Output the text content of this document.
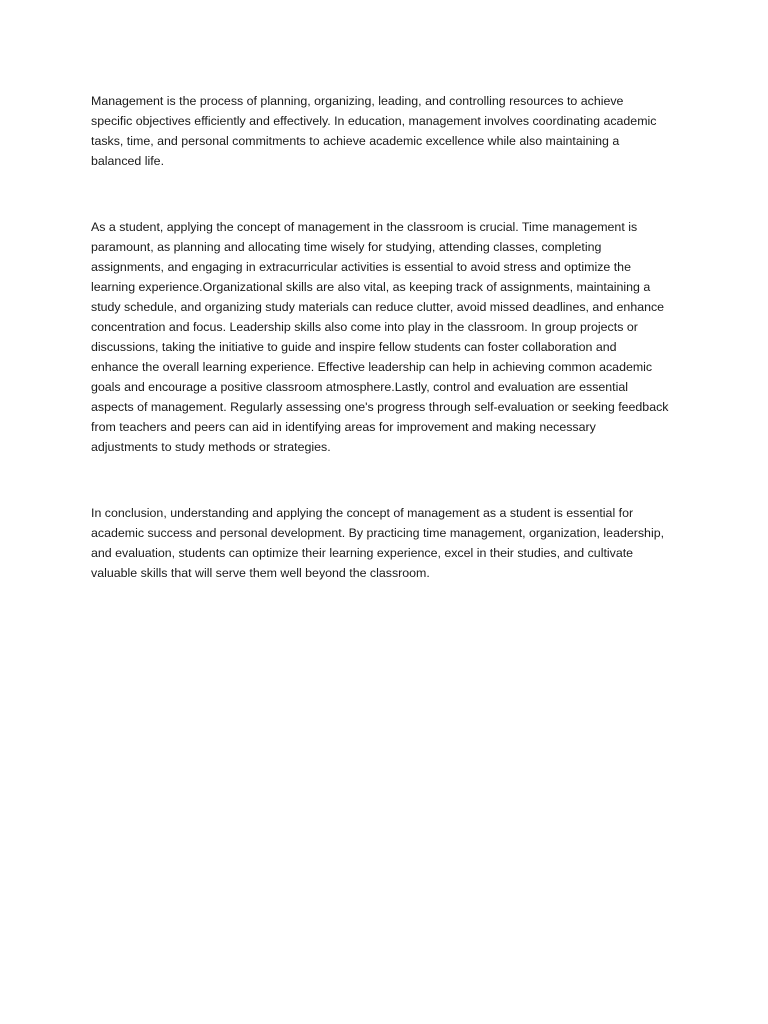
Management is the process of planning, organizing, leading, and controlling resources to achieve
specific objectives efficiently and effectively. In education, management involves coordinating academic
tasks, time, and personal commitments to achieve academic excellence while also maintaining a
balanced life.
As a student, applying the concept of management in the classroom is crucial. Time management is
paramount, as planning and allocating time wisely for studying, attending classes, completing
assignments, and engaging in extracurricular activities is essential to avoid stress and optimize the
learning experience.Organizational skills are also vital, as keeping track of assignments, maintaining a
study schedule, and organizing study materials can reduce clutter, avoid missed deadlines, and enhance
concentration and focus. Leadership skills also come into play in the classroom. In group projects or
discussions, taking the initiative to guide and inspire fellow students can foster collaboration and
enhance the overall learning experience. Effective leadership can help in achieving common academic
goals and encourage a positive classroom atmosphere.Lastly, control and evaluation are essential
aspects of management. Regularly assessing one's progress through self-evaluation or seeking feedback
from teachers and peers can aid in identifying areas for improvement and making necessary
adjustments to study methods or strategies.
In conclusion, understanding and applying the concept of management as a student is essential for
academic success and personal development. By practicing time management, organization, leadership,
and evaluation, students can optimize their learning experience, excel in their studies, and cultivate
valuable skills that will serve them well beyond the classroom.
